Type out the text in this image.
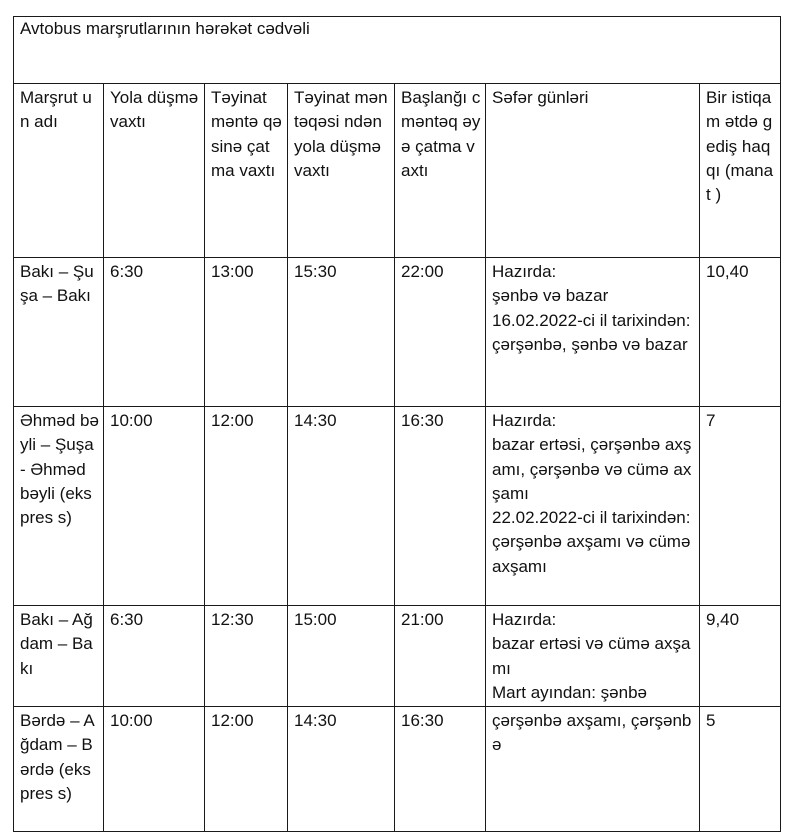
Avtobus marşrutlarının hərəkət cədvəli						
Marşrut un adı	Yola düşmə vaxtı	Təyinat məntə qəsinə çatma vaxtı	Təyinat məntəqəsi ndən yola düşmə vaxtı	Başlanğı c məntəq əyə çatma vaxtı	Səfər günləri	Bir istiqam ətdə gediş haqqı (manat )
Bakı – Şuşa – Bakı	6:30	13:00	15:30	22:00	Hazırda:
şənbə və bazar
16.02.2022-ci il tarixindən:
çərşənbə, şənbə və bazar	10,40
Əhməd bəyli – Şuşa- Əhməd bəyli (ekspres s)	10:00	12:00	14:30	16:30	Hazırda:
bazar ertəsi, çərşənbə axşamı, çərşənbə və cümə axşamı
22.02.2022-ci il tarixindən:
çərşənbə axşamı və cümə axşamı	7
Bakı – Ağdam – Bakı	6:30	12:30	15:00	21:00	Hazırda:
bazar ertəsi və cümə axşamı
Mart ayından: şənbə	9,40
Bərdə – Ağdam – Bərdə (ekspres s)	10:00	12:00	14:30	16:30	çərşənbə axşamı, çərşənbə	5
